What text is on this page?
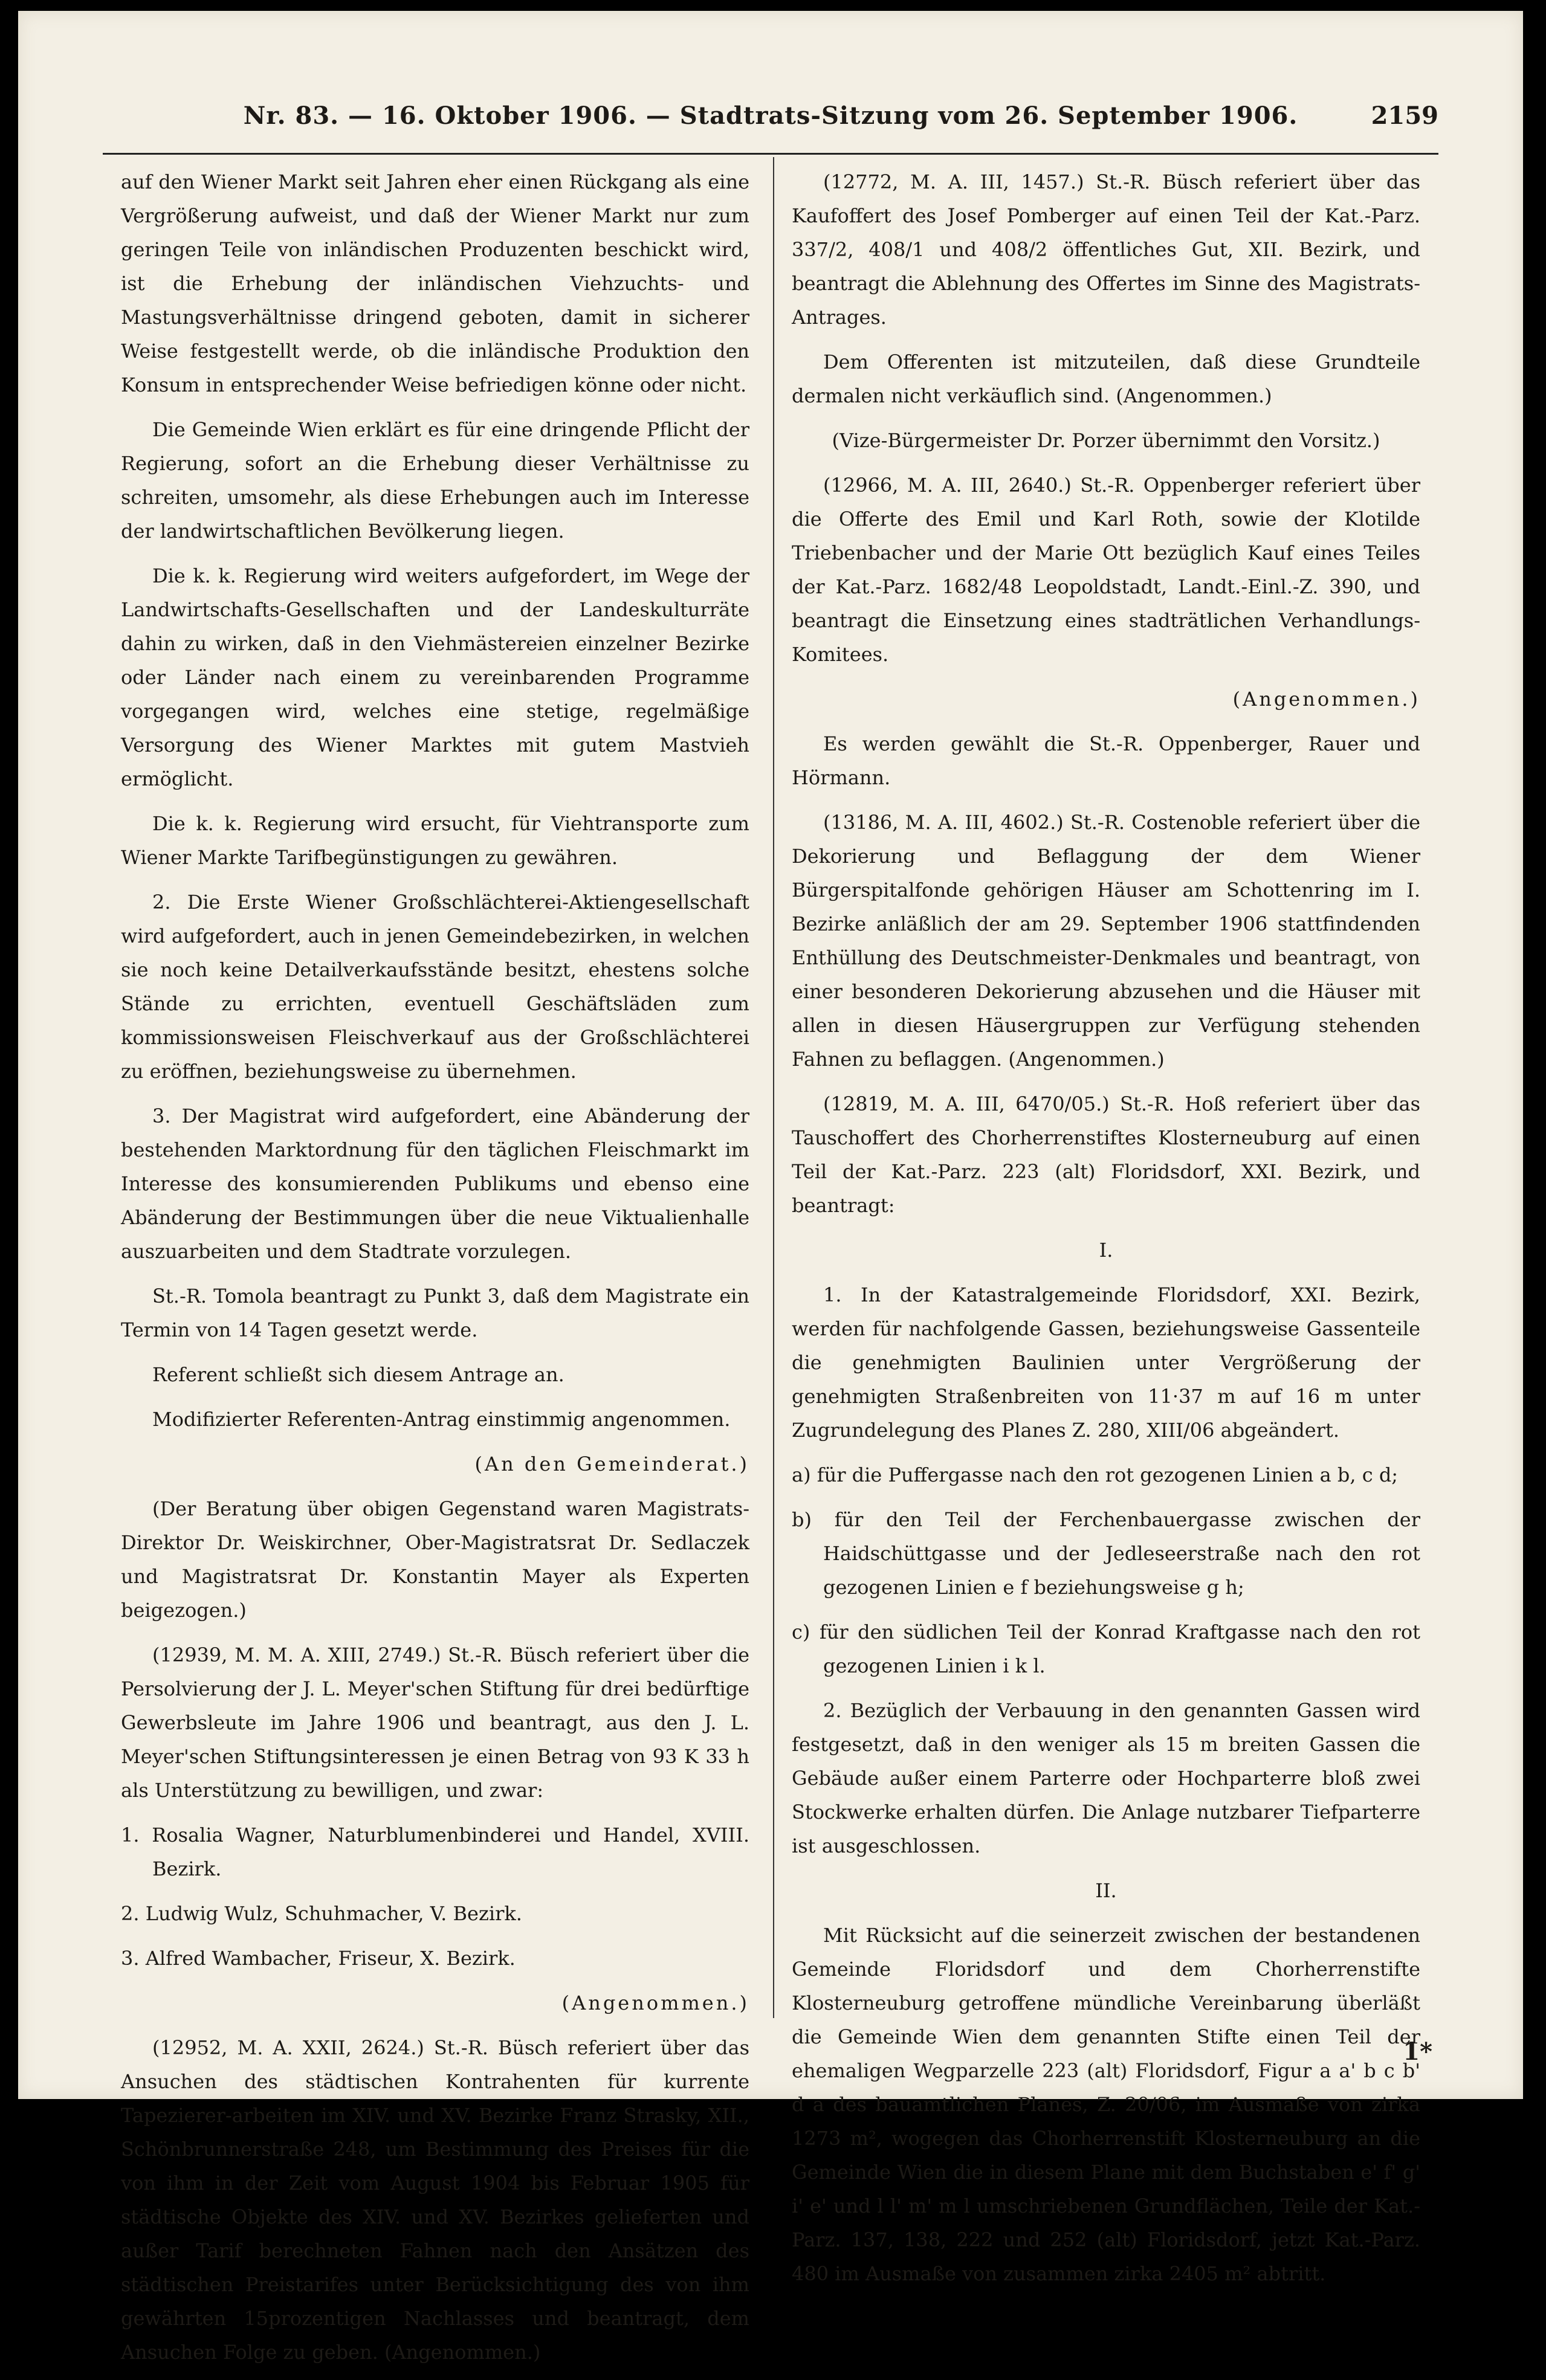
Nr. 83. — 16. Oktober 1906. — Stadtrats-Sitzung vom 26. September 1906.	2159

auf den Wiener Markt seit Jahren eher einen Rückgang als eine Vergrößerung aufweist, und daß der Wiener Markt nur zum geringen Teile von inländischen Produzenten beschickt wird, ist die Erhebung der inländischen Viehzuchts- und Mastungsverhältnisse dringend geboten, damit in sicherer Weise festgestellt werde, ob die inländische Produktion den Konsum in entsprechender Weise befriedigen könne oder nicht.

Die Gemeinde Wien erklärt es für eine dringende Pflicht der Regierung, sofort an die Erhebung dieser Verhältnisse zu schreiten, umsomehr, als diese Erhebungen auch im Interesse der landwirtschaftlichen Bevölkerung liegen.

Die k. k. Regierung wird weiters aufgefordert, im Wege der Landwirtschafts-Gesellschaften und der Landeskulturräte dahin zu wirken, daß in den Viehmästereien einzelner Bezirke oder Länder nach einem zu vereinbarenden Programme vorgegangen wird, welches eine stetige, regelmäßige Versorgung des Wiener Marktes mit gutem Mastvieh ermöglicht.

Die k. k. Regierung wird ersucht, für Viehtransporte zum Wiener Markte Tarifbegünstigungen zu gewähren.

2. Die Erste Wiener Großschlächterei-Aktiengesellschaft wird aufgefordert, auch in jenen Gemeindebezirken, in welchen sie noch keine Detailverkaufsstände besitzt, ehestens solche Stände zu errichten, eventuell Geschäftsläden zum kommissionsweisen Fleischverkauf aus der Großschlächterei zu eröffnen, beziehungsweise zu übernehmen.

3. Der Magistrat wird aufgefordert, eine Abänderung der bestehenden Marktordnung für den täglichen Fleischmarkt im Interesse des konsumierenden Publikums und ebenso eine Abänderung der Bestimmungen über die neue Viktualienhalle auszuarbeiten und dem Stadtrate vorzulegen.

St.-R. Tomola beantragt zu Punkt 3, daß dem Magistrate ein Termin von 14 Tagen gesetzt werde.

Referent schließt sich diesem Antrage an.

Modifizierter Referenten-Antrag einstimmig angenommen.

(An den Gemeinderat.)

(Der Beratung über obigen Gegenstand waren Magistrats-Direktor Dr. Weiskirchner, Ober-Magistratsrat Dr. Sedlaczek und Magistratsrat Dr. Konstantin Mayer als Experten beigezogen.)

(12939, M. M. A. XIII, 2749.) St.-R. Büsch referiert über die Persolvierung der J. L. Meyer'schen Stiftung für drei bedürftige Gewerbsleute im Jahre 1906 und beantragt, aus den J. L. Meyer'schen Stiftungsinteressen je einen Betrag von 93 K 33 h als Unterstützung zu bewilligen, und zwar:

1. Rosalia Wagner, Naturblumenbinderei und Handel, XVIII. Bezirk.

2. Ludwig Wulz, Schuhmacher, V. Bezirk.

3. Alfred Wambacher, Friseur, X. Bezirk.

(Angenommen.)

(12952, M. A. XXII, 2624.) St.-R. Büsch referiert über das Ansuchen des städtischen Kontrahenten für kurrente Tapezierer-arbeiten im XIV. und XV. Bezirke Franz Strasky, XII., Schönbrunnerstraße 248, um Bestimmung des Preises für die von ihm in der Zeit vom August 1904 bis Februar 1905 für städtische Objekte des XIV. und XV. Bezirkes gelieferten und außer Tarif berechneten Fahnen nach den Ansätzen des städtischen Preistarifes unter Berücksichtigung des von ihm gewährten 15prozentigen Nachlasses und beantragt, dem Ansuchen Folge zu geben. (Angenommen.)

(12772, M. A. III, 1457.) St.-R. Büsch referiert über das Kaufoffert des Josef Pomberger auf einen Teil der Kat.-Parz. 337/2, 408/1 und 408/2 öffentliches Gut, XII. Bezirk, und beantragt die Ablehnung des Offertes im Sinne des Magistrats-Antrages.

Dem Offerenten ist mitzuteilen, daß diese Grundteile dermalen nicht verkäuflich sind. (Angenommen.)

(Vize-Bürgermeister Dr. Porzer übernimmt den Vorsitz.)

(12966, M. A. III, 2640.) St.-R. Oppenberger referiert über die Offerte des Emil und Karl Roth, sowie der Klotilde Triebenbacher und der Marie Ott bezüglich Kauf eines Teiles der Kat.-Parz. 1682/48 Leopoldstadt, Landt.-Einl.-Z. 390, und beantragt die Einsetzung eines stadträtlichen Verhandlungs-Komitees.

(Angenommen.)

Es werden gewählt die St.-R. Oppenberger, Rauer und Hörmann.

(13186, M. A. III, 4602.) St.-R. Costenoble referiert über die Dekorierung und Beflaggung der dem Wiener Bürgerspitalfonde gehörigen Häuser am Schottenring im I. Bezirke anläßlich der am 29. September 1906 stattfindenden Enthüllung des Deutschmeister-Denkmales und beantragt, von einer besonderen Dekorierung abzusehen und die Häuser mit allen in diesen Häusergruppen zur Verfügung stehenden Fahnen zu beflaggen. (Angenommen.)

(12819, M. A. III, 6470/05.) St.-R. Hoß referiert über das Tauschoffert des Chorherrenstiftes Klosterneuburg auf einen Teil der Kat.-Parz. 223 (alt) Floridsdorf, XXI. Bezirk, und beantragt:

I.

1. In der Katastralgemeinde Floridsdorf, XXI. Bezirk, werden für nachfolgende Gassen, beziehungsweise Gassenteile die genehmigten Baulinien unter Vergrößerung der genehmigten Straßenbreiten von 11·37 m auf 16 m unter Zugrundelegung des Planes Z. 280, XIII/06 abgeändert.

a) für die Puffergasse nach den rot gezogenen Linien a b, c d;

b) für den Teil der Ferchenbauergasse zwischen der Haidschüttgasse und der Jedleseerstraße nach den rot gezogenen Linien e f beziehungsweise g h;

c) für den südlichen Teil der Konrad Kraftgasse nach den rot gezogenen Linien i k l.

2. Bezüglich der Verbauung in den genannten Gassen wird festgesetzt, daß in den weniger als 15 m breiten Gassen die Gebäude außer einem Parterre oder Hochparterre bloß zwei Stockwerke erhalten dürfen. Die Anlage nutzbarer Tiefparterre ist ausgeschlossen.

II.

Mit Rücksicht auf die seinerzeit zwischen der bestandenen Gemeinde Floridsdorf und dem Chorherrenstifte Klosterneuburg getroffene mündliche Vereinbarung überläßt die Gemeinde Wien dem genannten Stifte einen Teil der ehemaligen Wegparzelle 223 (alt) Floridsdorf, Figur a a' b c b' d a des bauamtlichen Planes, Z. 20/06, im Ausmaße von zirka 1273 m², wogegen das Chorherrenstift Klosterneuburg an die Gemeinde Wien die in diesem Plane mit dem Buchstaben e' f' g' i' e' und l l' m' m l umschriebenen Grundflächen, Teile der Kat.-Parz. 137, 138, 222 und 252 (alt) Floridsdorf, jetzt Kat.-Parz. 480 im Ausmaße von zusammen zirka 2405 m² abtritt.

1*
